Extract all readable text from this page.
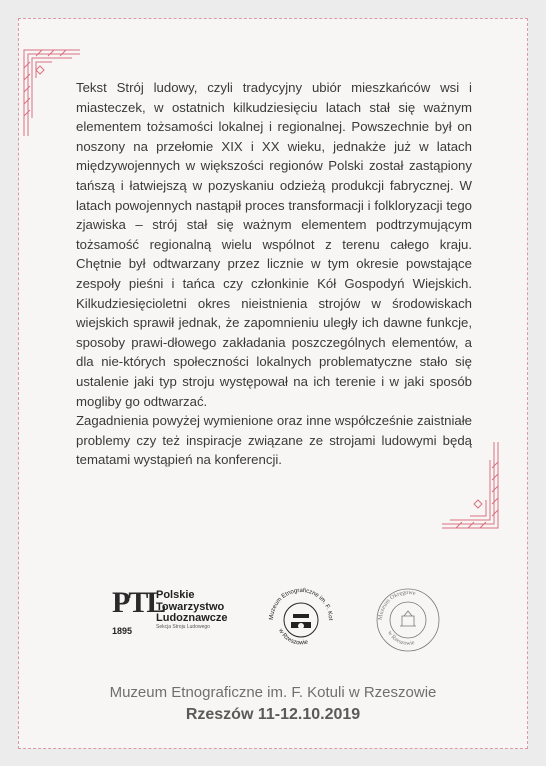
Tekst Strój ludowy, czyli tradycyjny ubiór mieszkańców wsi i miasteczek, w ostatnich kilkudziesięciu latach stał się ważnym elementem tożsamości lokalnej i regionalnej. Powszechnie był on noszony na przełomie XIX i XX wieku, jednakże już w latach międzywojennych w większości regionów Polski został zastąpiony tańszą i łatwiejszą w pozyskaniu odzieżą produkcji fabrycznej. W latach powojennych nastąpił proces transformacji i folkloryzacji tego zjawiska – strój stał się ważnym elementem podtrzymującym tożsamość regionalną wielu wspólnot z terenu całego kraju. Chętnie był odtwarzany przez licznie w tym okresie powstające zespoły pieśni i tańca czy członkinie Kół Gospodyń Wiejskich. Kilkudziesięcioletni okres nieistnienia strojów w środowiskach wiejskich sprawił jednak, że zapomnieniu uległy ich dawne funkcje, sposoby prawi-dłowego zakładania poszczególnych elementów, a dla nie-których społeczności lokalnych problematyczne stało się ustalenie jaki typ stroju występował na ich terenie i w jaki sposób mogliby go odtwarzać.

Zagadnienia powyżej wymienione oraz inne współcześnie zaistniałe problemy czy też inspiracje związane ze strojami ludowymi będą tematami wystąpień na konferencji.

PTL
1895
Polskie
Towarzystwo
Ludoznawcze
Sekcja Stroju Ludowego
Muzeum Etnograficzne im. F. Kot
w Rzeszowie
Muzeum Okręgowe
w Rzeszowie
Muzeum Etnograficzne im. F. Kotuli w Rzeszowie
Rzeszów 11-12.10.2019
